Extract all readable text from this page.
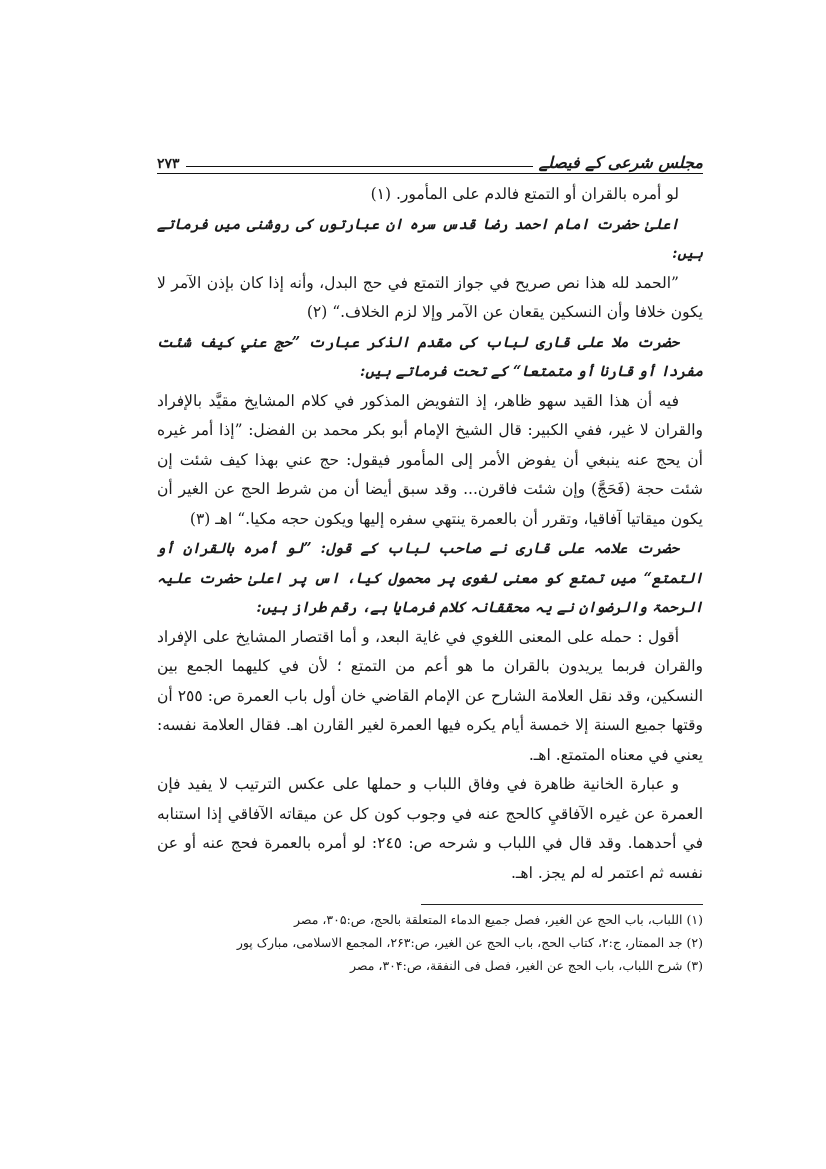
مجلس شرعی کے فیصلے
۲۷۳

لو أمره بالقران أو التمتع فالدم على المأمور. (۱)

اعلیٰ حضرت امام احمد رضا قدس سرہ ان عبارتوں کی روشنی میں فرماتے ہیں:

”الحمد لله هذا نص صريح في جواز التمتع في حج البدل، وأنه إذا كان بإذن الآمر لا يكون خلافا وأن النسكين يقعان عن الآمر وإلا لزم الخلاف.“ (۲)

حضرت ملا علی قاری لباب کی مقدم الذکر عبارت ”حج عني كيف شئت مفردا أو قارنا أو متمتعا“ کے تحت فرماتے ہیں:

فيه أن هذا القيد سهو ظاهر، إذ التفويض المذكور في كلام المشايخ مقيَّد بالإفراد والقران لا غير، ففي الكبير: قال الشيخ الإمام أبو بكر محمد بن الفضل: ”إذا أمر غيره أن يحج عنه ينبغي أن يفوض الأمر إلى المأمور فيقول: حج عني بهذا كيف شئت إن شئت حجة (فَحَجَّ) وإن شئت فاقرن... وقد سبق أيضا أن من شرط الحج عن الغير أن يكون ميقاتيا آفاقيا، وتقرر أن بالعمرة ينتهي سفره إليها ويكون حجه مكيا.“ اهـ (۳)

حضرت علامہ علی قاری نے صاحب لباب کے قول: ”لو أمره بالقران أو التمتع“ میں تمتع کو معنی لغوی پر محمول کیا، اس پر اعلیٰ حضرت علیہ الرحمۃ والرضوان نے یہ محققانہ کلام فرمایا ہے، رقم طراز ہیں:

أقول : حمله على المعنى اللغوي في غاية البعد، و أما اقتصار المشايخ على الإفراد والقران فربما يريدون بالقران ما هو أعم من التمتع ؛ لأن في كليهما الجمع بين النسكين، وقد نقل العلامة الشارح عن الإمام القاضي خان أول باب العمرة ص: ٢٥٥ أن وقتها جميع السنة إلا خمسة أيام يكره فيها العمرة لغير القارن اهـ. فقال العلامة نفسه: يعني في معناه المتمتع. اهـ.

و عبارة الخانية ظاهرة في وفاق اللباب و حملها على عكس الترتيب لا يفيد فإن العمرة عن غيره الآفاقيِ كالحج عنه في وجوب كون كل عن ميقاته الآفاقي إذا استنابه في أحدهما. وقد قال في اللباب و شرحه ص: ٢٤٥: لو أمره بالعمرة فحج عنه أو عن نفسه ثم اعتمر له لم يجز. اهـ.

(۱) اللباب، باب الحج عن الغير، فصل جميع الدماء المتعلقة بالحج، ص:۳۰۵، مصر
(۲) جد الممتار، ج:۲، کتاب الحج، باب الحج عن الغیر، ص:۲۶۳، المجمع الاسلامی، مبارک پور
(۳) شرح اللباب، باب الحج عن الغیر، فصل فی النفقة، ص:۳۰۴، مصر
